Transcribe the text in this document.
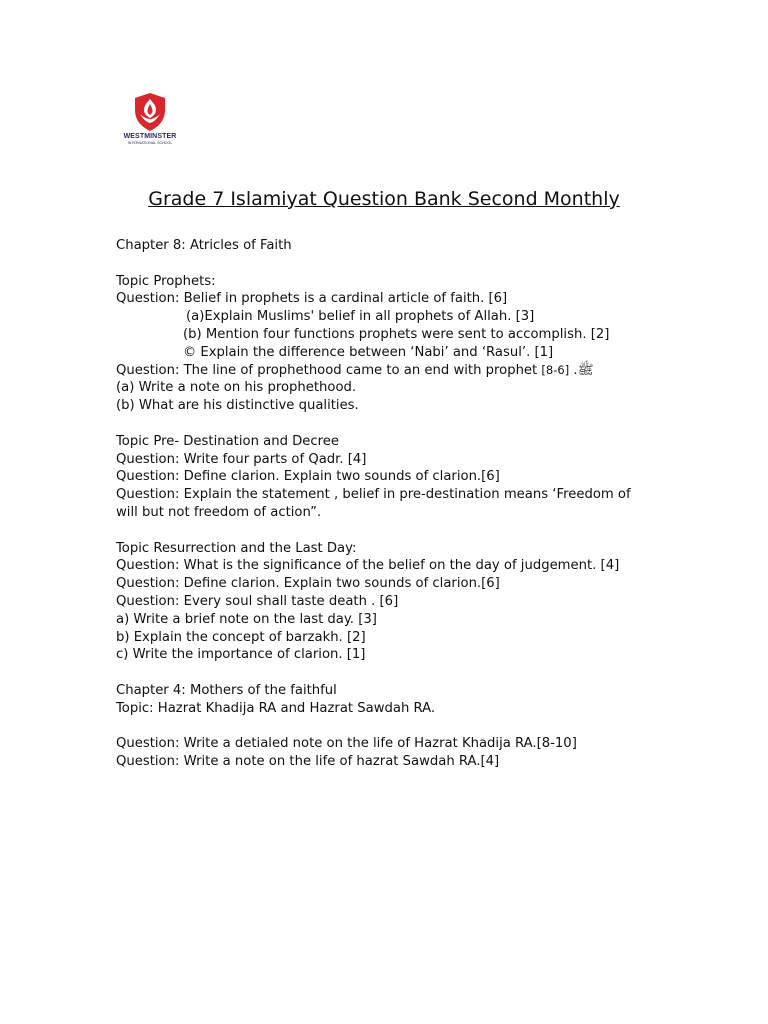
WESTMINSTER
INTERNATIONAL SCHOOL
Grade 7 Islamiyat Question Bank Second Monthly
Chapter 8: Atricles of Faith
Topic Prophets:
Question: Belief in prophets is a cardinal article of faith. [6]
(a)Explain Muslims' belief in all prophets of Allah. [3]
(b) Mention four functions prophets were sent to accomplish. [2]
© Explain the difference between ‘Nabi’ and ‘Rasul’. [1]
Question: The line of prophethood came to an end with prophet [8-6] .ﷺ
(a) Write a note on his prophethood.
(b) What are his distinctive qualities.
Topic Pre- Destination and Decree
Question: Write four parts of Qadr. [4]
Question: Define clarion. Explain two sounds of clarion.[6]
Question: Explain the statement , belief in pre-destination means ‘Freedom of will but not freedom of action”.
Topic Resurrection and the Last Day:
Question: What is the significance of the belief on the day of judgement. [4]
Question: Define clarion. Explain two sounds of clarion.[6]
Question: Every soul shall taste death . [6]
a) Write a brief note on the last day. [3]
b) Explain the concept of barzakh. [2]
c) Write the importance of clarion. [1]
Chapter 4: Mothers of the faithful
Topic: Hazrat Khadija RA and Hazrat Sawdah RA.
Question: Write a detialed note on the life of Hazrat Khadija RA.[8-10]
Question: Write a note on the life of hazrat Sawdah RA.[4]
